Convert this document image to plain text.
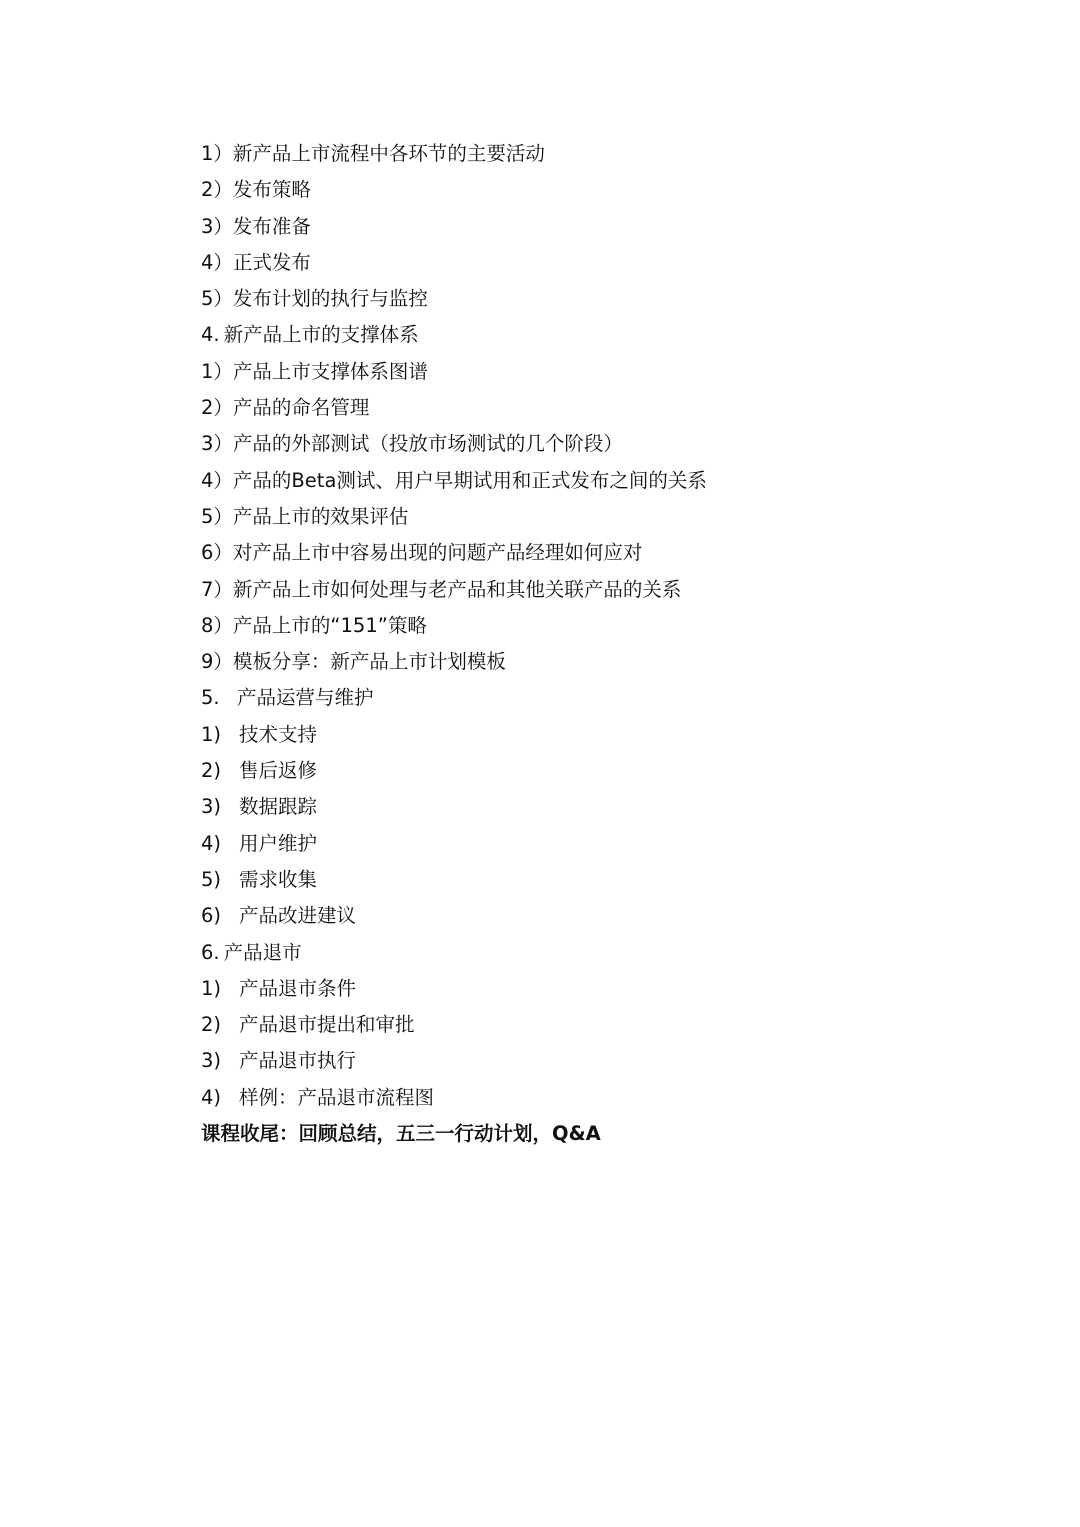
1） 新产品上市流程中各环节的主要活动
2） 发布策略
3） 发布准备
4） 正式发布
5） 发布计划的执行与监控
4. 新产品上市的支撑体系
1） 产品上市支撑体系图谱
2） 产品的命名管理
3） 产品的外部测试（投放市场测试的几个阶段）
4） 产品的Beta测试、用户早期试用和正式发布之间的关系
5） 产品上市的效果评估
6） 对产品上市中容易出现的问题产品经理如何应对
7） 新产品上市如何处理与老产品和其他关联产品的关系
8） 产品上市的“151”策略
9） 模板分享：新产品上市计划模板
5. 产品运营与维护
1) 技术支持
2) 售后返修
3) 数据跟踪
4) 用户维护
5) 需求收集
6) 产品改进建议
6. 产品退市
1) 产品退市条件
2) 产品退市提出和审批
3) 产品退市执行
4) 样例：产品退市流程图
课程收尾：回顾总结，五三一行动计划，Q&A
